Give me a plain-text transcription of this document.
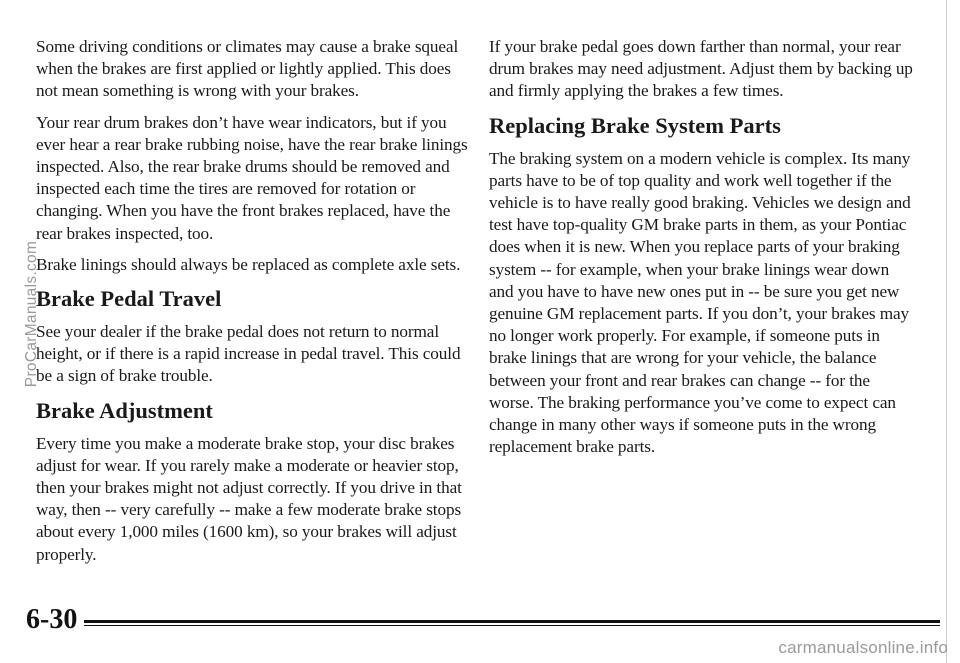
Some driving conditions or climates may cause a brake squeal when the brakes are first applied or lightly applied. This does not mean something is wrong with your brakes.

Your rear drum brakes don’t have wear indicators, but if you ever hear a rear brake rubbing noise, have the rear brake linings inspected. Also, the rear brake drums should be removed and inspected each time the tires are removed for rotation or changing. When you have the front brakes replaced, have the rear brakes inspected, too.

Brake linings should always be replaced as complete axle sets.

Brake Pedal Travel

See your dealer if the brake pedal does not return to normal height, or if there is a rapid increase in pedal travel. This could be a sign of brake trouble.

Brake Adjustment

Every time you make a moderate brake stop, your disc brakes adjust for wear. If you rarely make a moderate or heavier stop, then your brakes might not adjust correctly. If you drive in that way, then -- very carefully -- make a few moderate brake stops about every 1,000 miles (1600 km), so your brakes will adjust properly.

If your brake pedal goes down farther than normal, your rear drum brakes may need adjustment. Adjust them by backing up and firmly applying the brakes a few times.

Replacing Brake System Parts

The braking system on a modern vehicle is complex. Its many parts have to be of top quality and work well together if the vehicle is to have really good braking. Vehicles we design and test have top-quality GM brake parts in them, as your Pontiac does when it is new. When you replace parts of your braking system -- for example, when your brake linings wear down and you have to have new ones put in -- be sure you get new genuine GM replacement parts. If you don’t, your brakes may no longer work properly. For example, if someone puts in brake linings that are wrong for your vehicle, the balance between your front and rear brakes can change -- for the worse. The braking performance you’ve come to expect can change in many other ways if someone puts in the wrong replacement brake parts.

ProCarManuals.com
6-30
carmanualsonline.info
